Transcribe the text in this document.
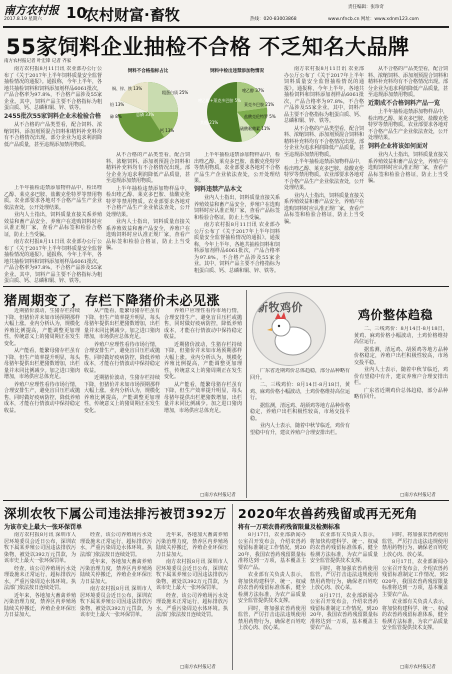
南方农村报
2017.8.19 星期六 10
农村财富·畜牧	责任编辑：张珍奇
热线：020-83003868	www.nfncb.cn 网址：www.xdnm123.com
55家饲料企业抽检不合格 不乏知名大品牌
南方农村报记者 叶宏锋 记者 齐家
饲料不合格指标占比
铜、锌、铁 13%
铅 13%
砷 8%
粗蛋白质 25%
钙 13%
总磷 33%
饲料中检出违禁添加物情况
喹乙醇 37%
喹乙醇+莱克多巴胺 5%
莱克多巴胺 21%
盐酸克伦特罗 5%
硫酸黏菌素 11%
其他 21%

南方农村报8月11日讯 农业部办公厅公布了《关于2017年上半年饲料质量安全监督抽检情况的通报》。通报称，今年上半年，各地共抽检饲料和饲料添加剂样品6061批次，产品合格率为97.8%，不合格产品涉及55家企业。其中，饲料产品主要不合格指标为粗蛋白质、钙、总磷和铜、锌、铁等。

2455批次55家饲料企业未检验合格

从不合格的产品类型看，配合饲料、浓缩饲料、添加剂预混合饲料和精料补充料均有不合格情况出现。部分企业为追求利润降低产品质量，甚至违规添加禁用物质。

上半年抽检违禁添加物样品中，检出喹乙醇、莱克多巴胺、盐酸克伦特罗等禁用物质。农业部要求各地对不合格产品生产企业依法查处，公开处理结果。

业内人士指出，饲料质量直接关系养殖效益和畜产品安全，养殖户在选购饲料时应认准正规厂家，查看产品标签和检验合格证，防止上当受骗。

南方农村报8月11日讯 农业部办公厅公布了《关于2017年上半年饲料质量安全监督抽检情况的通报》。通报称，今年上半年，各地共抽检饲料和饲料添加剂样品6061批次，产品合格率为97.8%，不合格产品涉及55家企业。其中，饲料产品主要不合格指标为粗蛋白质、钙、总磷和铜、锌、铁等。

从不合格的产品类型看，配合饲料、浓缩饲料、添加剂预混合饲料和精料补充料均有不合格情况出现。部分企业为追求利润降低产品质量，甚至违规添加禁用物质。

上半年抽检违禁添加物样品中，检出喹乙醇、莱克多巴胺、盐酸克伦特罗等禁用物质。农业部要求各地对不合格产品生产企业依法查处，公开处理结果。

业内人士指出，饲料质量直接关系养殖效益和畜产品安全，养殖户在选购饲料时应认准正规厂家，查看产品标签和检验合格证，防止上当受骗。

上半年抽检违禁添加物样品中，检出喹乙醇、莱克多巴胺、盐酸克伦特罗等禁用物质。农业部要求各地对不合格产品生产企业依法查处，公开处理结果。

饲料违禁产品本文

业内人士指出，饲料质量直接关系养殖效益和畜产品安全，养殖户在选购饲料时应认准正规厂家，查看产品标签和检验合格证，防止上当受骗。

南方农村报8月11日讯 农业部办公厅公布了《关于2017年上半年饲料质量安全监督抽检情况的通报》。通报称，今年上半年，各地共抽检饲料和饲料添加剂样品6061批次，产品合格率为97.8%，不合格产品涉及55家企业。其中，饲料产品主要不合格指标为粗蛋白质、钙、总磷和铜、锌、铁等。

南方农村报8月11日讯 农业部办公厅公布了《关于2017年上半年饲料质量安全监督抽检情况的通报》。通报称，今年上半年，各地共抽检饲料和饲料添加剂样品6061批次，产品合格率为97.8%，不合格产品涉及55家企业。其中，饲料产品主要不合格指标为粗蛋白质、钙、总磷和铜、锌、铁等。

从不合格的产品类型看，配合饲料、浓缩饲料、添加剂预混合饲料和精料补充料均有不合格情况出现。部分企业为追求利润降低产品质量，甚至违规添加禁用物质。

上半年抽检违禁添加物样品中，检出喹乙醇、莱克多巴胺、盐酸克伦特罗等禁用物质。农业部要求各地对不合格产品生产企业依法查处，公开处理结果。

业内人士指出，饲料质量直接关系养殖效益和畜产品安全，养殖户在选购饲料时应认准正规厂家，查看产品标签和检验合格证，防止上当受骗。

从不合格的产品类型看，配合饲料、浓缩饲料、添加剂预混合饲料和精料补充料均有不合格情况出现。部分企业为追求利润降低产品质量，甚至违规添加禁用物质。

近期成不合格饲料产品一览

上半年抽检违禁添加物样品中，检出喹乙醇、莱克多巴胺、盐酸克伦特罗等禁用物质。农业部要求各地对不合格产品生产企业依法查处，公开处理结果。

饲料企业将该如何面对

业内人士指出，饲料质量直接关系养殖效益和畜产品安全，养殖户在选购饲料时应认准正规厂家，查看产品标签和检验合格证，防止上当受骗。

猪周期变了，存栏下降猪价未必见涨

近期猪价波动，生猪存栏持续下降，但猪价并未如市场预期那样大幅上涨。业内分析认为，规模化养殖比例提高，产能调整更加理性，传统意义上的猪周期正在发生变化。

从产能看，能繁母猪存栏虽有下降，但生产效率提升明显，每头母猪年提供出栏肥猪数增加，出栏量并未同比例减少。加之进口猪肉增加，市场供应总体充足。

养殖户应理性看待市场行情，合理安排生产，避免盲目压栏或抛售，同时做好疫病防控，降低养殖成本，才能在行情波动中保持稳定收益。

从产能看，能繁母猪存栏虽有下降，但生产效率提升明显，每头母猪年提供出栏肥猪数增加，出栏量并未同比例减少。加之进口猪肉增加，市场供应总体充足。

养殖户应理性看待市场行情，合理安排生产，避免盲目压栏或抛售，同时做好疫病防控，降低养殖成本，才能在行情波动中保持稳定收益。

近期猪价波动，生猪存栏持续下降，但猪价并未如市场预期那样大幅上涨。业内分析认为，规模化养殖比例提高，产能调整更加理性，传统意义上的猪周期正在发生变化。

养殖户应理性看待市场行情，合理安排生产，避免盲目压栏或抛售，同时做好疫病防控，降低养殖成本，才能在行情波动中保持稳定收益。

近期猪价波动，生猪存栏持续下降，但猪价并未如市场预期那样大幅上涨。业内分析认为，规模化养殖比例提高，产能调整更加理性，传统意义上的猪周期正在发生变化。

从产能看，能繁母猪存栏虽有下降，但生产效率提升明显，每头母猪年提供出栏肥猪数增加，出栏量并未同比例减少。加之进口猪肉增加，市场供应总体充足。

□南方农村报记者
新牧鸡价
鸡价整体趋稳

广东省近期鸡价总体趋稳，部分品种略有回升。

二、三线鸡价：8月14日-8月18日，黄鸡、麻鸡价格小幅波动，土鸡价格维持高位运行。

据监测，清远鸡、胡须鸡等地方品种价格稳定，养殖户出栏积极性较高，市场交投平稳。

业内人士表示，随着中秋节临近，鸡价有望稳中有升，建议养殖户合理安排出栏。

二、三线鸡价：8月14日-8月18日，黄鸡、麻鸡价格小幅波动，土鸡价格维持高位运行。

据监测，清远鸡、胡须鸡等地方品种价格稳定，养殖户出栏积极性较高，市场交投平稳。

业内人士表示，随着中秋节临近，鸡价有望稳中有升，建议养殖户合理安排出栏。

广东省近期鸡价总体趋稳，部分品种略有回升。

□南方农村报记者
深圳农牧下属公司违法排污被罚392万
为该市史上最大一张环保罚单

南方农村报8月讯 深圳市人居环境委员会近日公布，深圳农牧下属某养殖公司因违法排放污染物，被处以392万元罚款，为该市史上最大一张环保罚单。

经查，该公司养殖场污水处理设施未正常运行，超标排放污水，严重污染周边水体环境。执法部门依法按日连续处罚。

近年来，各地加大畜禽养殖污染治理力度，禁养区内养殖场陆续关停搬迁，养殖企业环保压力日益加大。

经查，该公司养殖场污水处理设施未正常运行，超标排放污水，严重污染周边水体环境。执法部门依法按日连续处罚。

近年来，各地加大畜禽养殖污染治理力度，禁养区内养殖场陆续关停搬迁，养殖企业环保压力日益加大。

南方农村报8月讯 深圳市人居环境委员会近日公布，深圳农牧下属某养殖公司因违法排放污染物，被处以392万元罚款，为该市史上最大一张环保罚单。

近年来，各地加大畜禽养殖污染治理力度，禁养区内养殖场陆续关停搬迁，养殖企业环保压力日益加大。

南方农村报8月讯 深圳市人居环境委员会近日公布，深圳农牧下属某养殖公司因违法排放污染物，被处以392万元罚款，为该市史上最大一张环保罚单。

经查，该公司养殖场污水处理设施未正常运行，超标排放污水，严重污染周边水体环境。执法部门依法按日连续处罚。

□南方农村报记者
2020年农兽药残留或再无死角
将有一万项农兽药残留限量及检测标准

8月17日，农业部新闻办公室召开发布会，介绍农兽药残留标准制定工作情况。到2020年，我国农兽药残留限量标准将达到一万项，基本覆盖主要农产品。

农业部有关负责人表示，将加快构建科学、统一、权威的农兽药残留标准体系，健全检测方法标准，为农产品质量安全监管提供技术支撑。

同时，将加强农兽药使用监管，严厉打击违法违规使用禁用药物行为，确保老百姓吃上放心肉、放心菜。

农业部有关负责人表示，将加快构建科学、统一、权威的农兽药残留标准体系，健全检测方法标准，为农产品质量安全监管提供技术支撑。

同时，将加强农兽药使用监管，严厉打击违法违规使用禁用药物行为，确保老百姓吃上放心肉、放心菜。

8月17日，农业部新闻办公室召开发布会，介绍农兽药残留标准制定工作情况。到2020年，我国农兽药残留限量标准将达到一万项，基本覆盖主要农产品。

同时，将加强农兽药使用监管，严厉打击违法违规使用禁用药物行为，确保老百姓吃上放心肉、放心菜。

8月17日，农业部新闻办公室召开发布会，介绍农兽药残留标准制定工作情况。到2020年，我国农兽药残留限量标准将达到一万项，基本覆盖主要农产品。

农业部有关负责人表示，将加快构建科学、统一、权威的农兽药残留标准体系，健全检测方法标准，为农产品质量安全监管提供技术支撑。

□南方农村报记者
